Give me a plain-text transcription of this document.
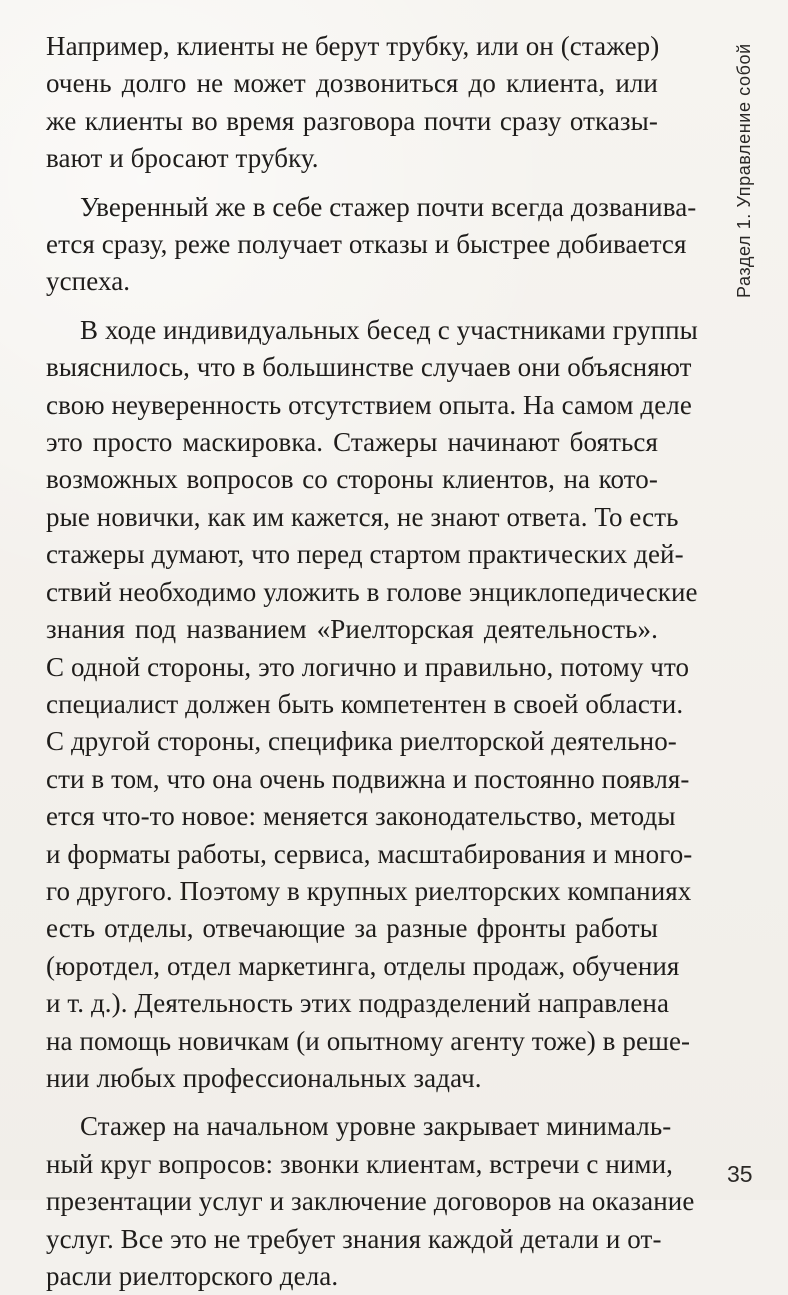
Например, клиенты не берут трубку, или он (стажер)
очень долго не может дозвониться до клиента, или
же клиенты во время разговора почти сразу отказы-
вают и бросают трубку.
Уверенный же в себе стажер почти всегда дозванива-
ется сразу, реже получает отказы и быстрее добивается
успеха.
В ходе индивидуальных бесед с участниками группы
выяснилось, что в большинстве случаев они объясняют
свою неуверенность отсутствием опыта. На самом деле
это просто маскировка. Стажеры начинают бояться
возможных вопросов со стороны клиентов, на кото-
рые новички, как им кажется, не знают ответа. То есть
стажеры думают, что перед стартом практических дей-
ствий необходимо уложить в голове энциклопедические
знания под названием «Риелторская деятельность».
С одной стороны, это логично и правильно, потому что
специалист должен быть компетентен в своей области.
С другой стороны, специфика риелторской деятельно-
сти в том, что она очень подвижна и постоянно появля-
ется что-то новое: меняется законодательство, методы
и форматы работы, сервиса, масштабирования и много-
го другого. Поэтому в крупных риелторских компаниях
есть отделы, отвечающие за разные фронты работы
(юротдел, отдел маркетинга, отделы продаж, обучения
и т. д.). Деятельность этих подразделений направлена
на помощь новичкам (и опытному агенту тоже) в реше-
нии любых профессиональных задач.
Стажер на начальном уровне закрывает минималь-
ный круг вопросов: звонки клиентам, встречи с ними,
презентации услуг и заключение договоров на оказание
услуг. Все это не требует знания каждой детали и от-
расли риелторского дела.
Раздел 1. Управление собой
35
